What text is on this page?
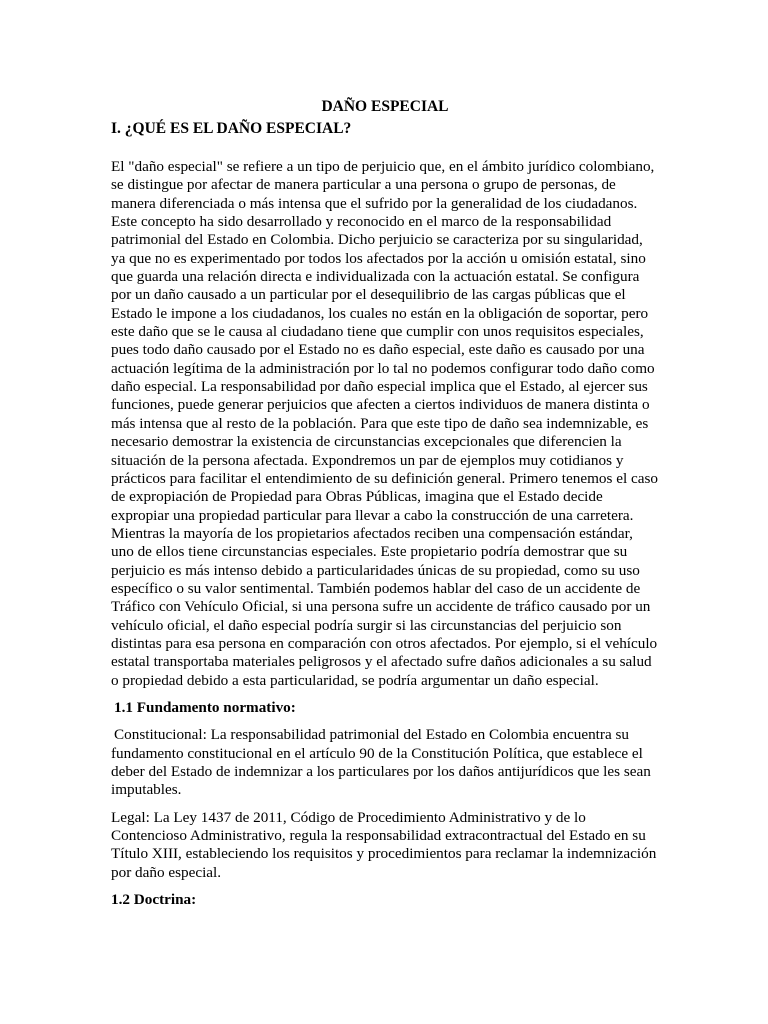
DAÑO ESPECIAL
I. ¿QUÉ ES EL DAÑO ESPECIAL?

El "daño especial" se refiere a un tipo de perjuicio que, en el ámbito jurídico colombiano, se distingue por afectar de manera particular a una persona o grupo de personas, de manera diferenciada o más intensa que el sufrido por la generalidad de los ciudadanos. Este concepto ha sido desarrollado y reconocido en el marco de la responsabilidad patrimonial del Estado en Colombia. Dicho perjuicio se caracteriza por su singularidad, ya que no es experimentado por todos los afectados por la acción u omisión estatal, sino que guarda una relación directa e individualizada con la actuación estatal. Se configura por un daño causado a un particular por el desequilibrio de las cargas públicas que el Estado le impone a los ciudadanos, los cuales no están en la obligación de soportar, pero este daño que se le causa al ciudadano tiene que cumplir con unos requisitos especiales, pues todo daño causado por el Estado no es daño especial, este daño es causado por una actuación legítima de la administración por lo tal no podemos configurar todo daño como daño especial. La responsabilidad por daño especial implica que el Estado, al ejercer sus funciones, puede generar perjuicios que afecten a ciertos individuos de manera distinta o más intensa que al resto de la población. Para que este tipo de daño sea indemnizable, es necesario demostrar la existencia de circunstancias excepcionales que diferencien la situación de la persona afectada. Expondremos un par de ejemplos muy cotidianos y prácticos para facilitar el entendimiento de su definición general. Primero tenemos el caso de expropiación de Propiedad para Obras Públicas, imagina que el Estado decide expropiar una propiedad particular para llevar a cabo la construcción de una carretera. Mientras la mayoría de los propietarios afectados reciben una compensación estándar, uno de ellos tiene circunstancias especiales. Este propietario podría demostrar que su perjuicio es más intenso debido a particularidades únicas de su propiedad, como su uso específico o su valor sentimental. También podemos hablar del caso de un accidente de Tráfico con Vehículo Oficial, si una persona sufre un accidente de tráfico causado por un vehículo oficial, el daño especial podría surgir si las circunstancias del perjuicio son distintas para esa persona en comparación con otros afectados. Por ejemplo, si el vehículo estatal transportaba materiales peligrosos y el afectado sufre daños adicionales a su salud o propiedad debido a esta particularidad, se podría argumentar un daño especial.

1.1 Fundamento normativo:

Constitucional: La responsabilidad patrimonial del Estado en Colombia encuentra su fundamento constitucional en el artículo 90 de la Constitución Política, que establece el deber del Estado de indemnizar a los particulares por los daños antijurídicos que les sean imputables.

Legal: La Ley 1437 de 2011, Código de Procedimiento Administrativo y de lo Contencioso Administrativo, regula la responsabilidad extracontractual del Estado en su Título XIII, estableciendo los requisitos y procedimientos para reclamar la indemnización por daño especial.

1.2 Doctrina:
